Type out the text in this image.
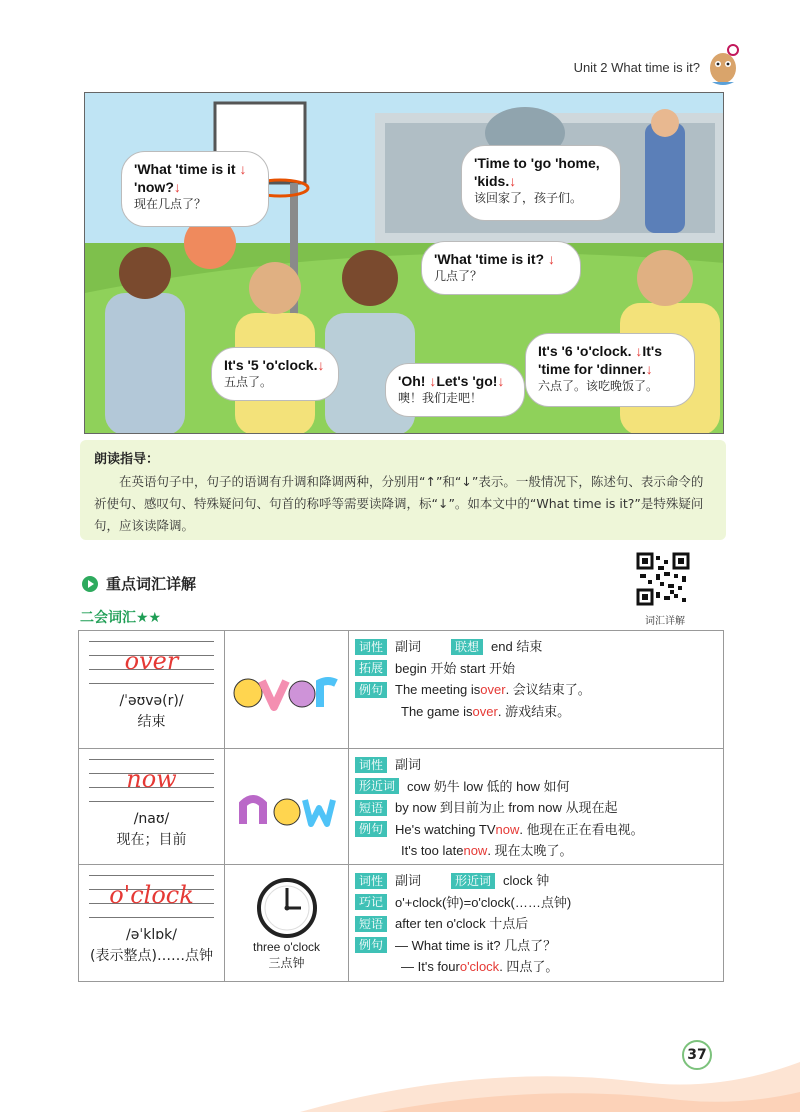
Unit 2 What time is it?
'What 'time is it ↓
'now?↓
现在几点了？
'Time to 'go 'home,
'kids.↓
该回家了，孩子们。
'What 'time is it? ↓
几点了？
It's '5 'o'clock.↓
五点了。	'Oh! ↓Let's 'go!↓
噢！我们走吧！
It's '6 'o'clock. ↓It's
'time for 'dinner.↓
六点了。该吃晚饭了。
朗读指导：
在英语句子中，句子的语调有升调和降调两种，分别用“↑”和“↓”表示。一般情况下，陈述句、表示命令的祈使句、感叹句、特殊疑问句、句首的称呼等需要读降调，标“↓”。如本文中的“What time is it?”是特殊疑问句，应该读降调。
重点词汇详解
二会词汇★★	词汇详解
over
/ˈəʊvə(r)/
结束
词性 副词	联想 end 结束
拓展 begin 开始 start 开始
例句 The meeting is over . 会议结束了。
The game is over . 游戏结束。
now
/naʊ/
现在；目前
词性 副词
形近词 cow 奶牛 low 低的 how 如何
短语 by now 到目前为止 from now 从现在起
例句 He's watching TV now . 他现在正在看电视。
It's too late now . 现在太晚了。
o'clock
/əˈklɒk/
(表示整点)……点钟
three o'clock
三点钟
词性 副词	形近词 clock 钟
巧记 o'+clock(钟)=o'clock(……点钟)
短语 after ten o'clock 十点后
例句 — What time is it? 几点了？
— It's four o'clock . 四点了。
37
